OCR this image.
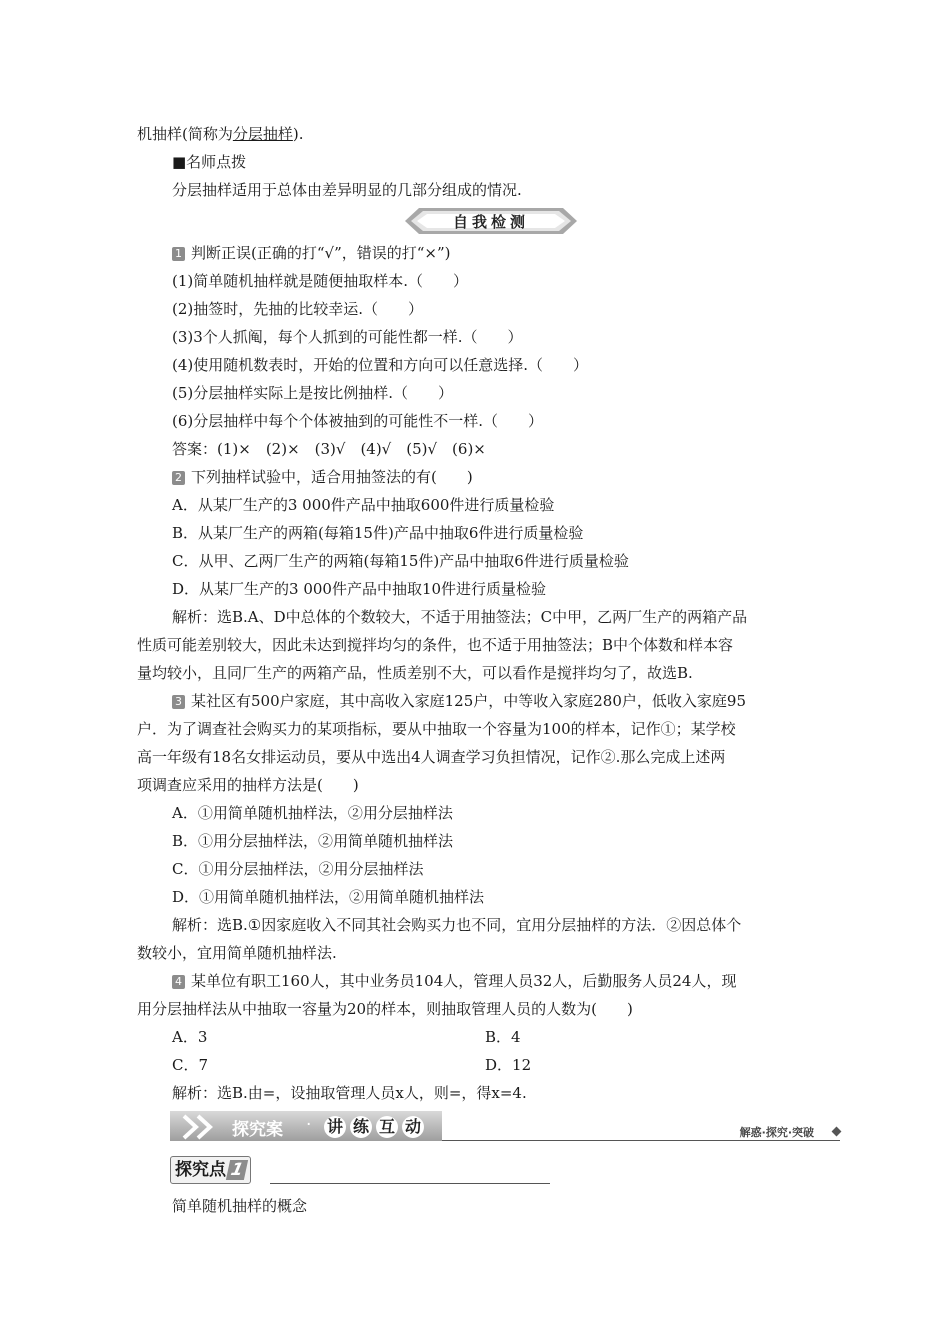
机抽样(简称为分层抽样).
■名师点拨
分层抽样适用于总体由差异明显的几部分组成的情况.
自我检测
1 判断正误(正确的打“√”，错误的打“×”)
(1)简单随机抽样就是随便抽取样本.（　　）
(2)抽签时，先抽的比较幸运.（　　）
(3)3个人抓阄，每个人抓到的可能性都一样.（　　）
(4)使用随机数表时，开始的位置和方向可以任意选择.（　　）
(5)分层抽样实际上是按比例抽样.（　　）
(6)分层抽样中每个个体被抽到的可能性不一样.（　　）
答案：(1)×　(2)×　(3)√　(4)√　(5)√　(6)×
2 下列抽样试验中，适合用抽签法的有(　　)
A．从某厂生产的3 000件产品中抽取600件进行质量检验
B．从某厂生产的两箱(每箱15件)产品中抽取6件进行质量检验
C．从甲、乙两厂生产的两箱(每箱15件)产品中抽取6件进行质量检验
D．从某厂生产的3 000件产品中抽取10件进行质量检验
解析：选B.A、D中总体的个数较大，不适于用抽签法；C中甲，乙两厂生产的两箱产品
性质可能差别较大，因此未达到搅拌均匀的条件，也不适于用抽签法；B中个体数和样本容
量均较小，且同厂生产的两箱产品，性质差别不大，可以看作是搅拌均匀了，故选B.
3 某社区有500户家庭，其中高收入家庭125户，中等收入家庭280户，低收入家庭95
户．为了调查社会购买力的某项指标，要从中抽取一个容量为100的样本，记作①；某学校
高一年级有18名女排运动员，要从中选出4人调查学习负担情况，记作②.那么完成上述两
项调查应采用的抽样方法是(　　)
A．①用简单随机抽样法，②用分层抽样法
B．①用分层抽样法，②用简单随机抽样法
C．①用分层抽样法，②用分层抽样法
D．①用简单随机抽样法，②用简单随机抽样法
解析：选B.①因家庭收入不同其社会购买力也不同，宜用分层抽样的方法．②因总体个
数较小，宜用简单随机抽样法.
4 某单位有职工160人，其中业务员104人，管理人员32人，后勤服务人员24人，现
用分层抽样法从中抽取一容量为20的样本，则抽取管理人员的人数为(　　)
A．3	B．4
C．7	D．12
解析：选B.由=，设抽取管理人员x人，则=，得x=4.
探究案 · 讲 练 互 动	解惑·探究·突破
探究点 1
简单随机抽样的概念
